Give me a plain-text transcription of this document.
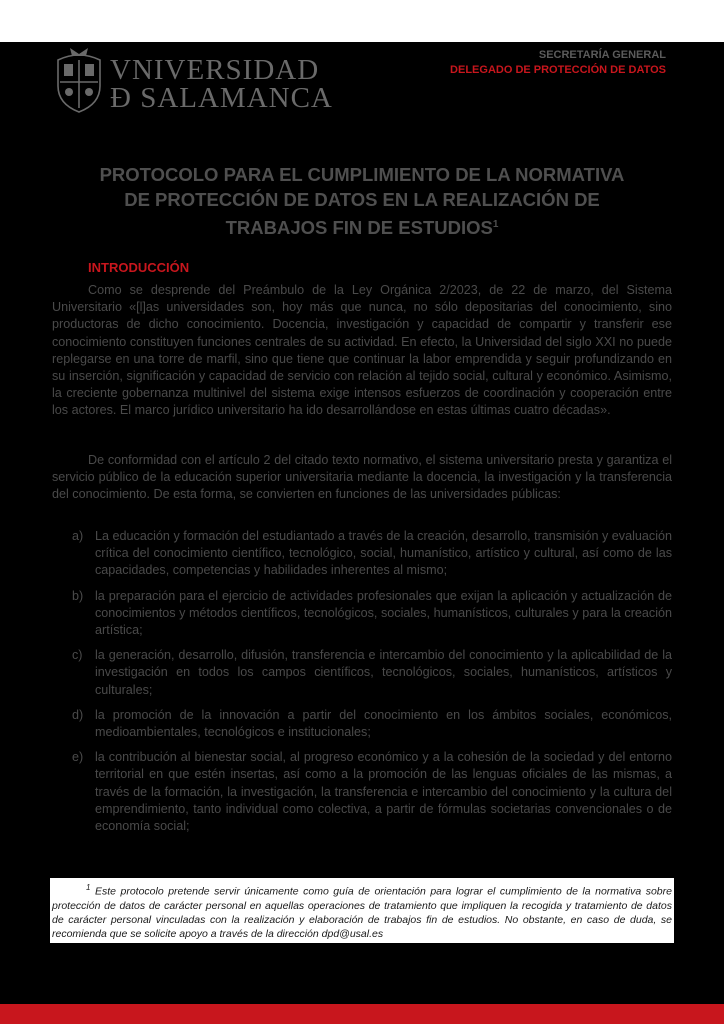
VNIVERSIDAD
Ð SALAMANCA
SECRETARÍA GENERAL
DELEGADO DE PROTECCIÓN DE DATOS
PROTOCOLO PARA EL CUMPLIMIENTO DE LA NORMATIVA
DE PROTECCIÓN DE DATOS EN LA REALIZACIÓN DE
TRABAJOS FIN DE ESTUDIOS$^1$
INTRODUCCIÓN
Como se desprende del Preámbulo de la Ley Orgánica 2/2023, de 22 de marzo, del Sistema Universitario «[l]as universidades son, hoy más que nunca, no sólo depositarias del conocimiento, sino productoras de dicho conocimiento. Docencia, investigación y capacidad de compartir y transferir ese conocimiento constituyen funciones centrales de su actividad. En efecto, la Universidad del siglo XXI no puede replegarse en una torre de marfil, sino que tiene que continuar la labor emprendida y seguir profundizando en su inserción, significación y capacidad de servicio con relación al tejido social, cultural y económico. Asimismo, la creciente gobernanza multinivel del sistema exige intensos esfuerzos de coordinación y cooperación entre los actores. El marco jurídico universitario ha ido desarrollándose en estas últimas cuatro décadas».
De conformidad con el artículo 2 del citado texto normativo, el sistema universitario presta y garantiza el servicio público de la educación superior universitaria mediante la docencia, la investigación y la transferencia del conocimiento. De esta forma, se convierten en funciones de las universidades públicas:
a) La educación y formación del estudiantado a través de la creación, desarrollo, transmisión y evaluación crítica del conocimiento científico, tecnológico, social, humanístico, artístico y cultural, así como de las capacidades, competencias y habilidades inherentes al mismo;
b) la preparación para el ejercicio de actividades profesionales que exijan la aplicación y actualización de conocimientos y métodos científicos, tecnológicos, sociales, humanísticos, culturales y para la creación artística;
c) la generación, desarrollo, difusión, transferencia e intercambio del conocimiento y la aplicabilidad de la investigación en todos los campos científicos, tecnológicos, sociales, humanísticos, artísticos y culturales;
d) la promoción de la innovación a partir del conocimiento en los ámbitos sociales, económicos, medioambientales, tecnológicos e institucionales;
e) la contribución al bienestar social, al progreso económico y a la cohesión de la sociedad y del entorno territorial en que estén insertas, así como a la promoción de las lenguas oficiales de las mismas, a través de la formación, la investigación, la transferencia e intercambio del conocimiento y la cultura del emprendimiento, tanto individual como colectiva, a partir de fórmulas societarias convencionales o de economía social;
$^1$ Este protocolo pretende servir únicamente como guía de orientación para lograr el cumplimiento de la normativa sobre protección de datos de carácter personal en aquellas operaciones de tratamiento que impliquen la recogida y tratamiento de datos de carácter personal vinculadas con la realización y elaboración de trabajos fin de estudios. No obstante, en caso de duda, se recomienda que se solicite apoyo a través de la dirección dpd@usal.es
